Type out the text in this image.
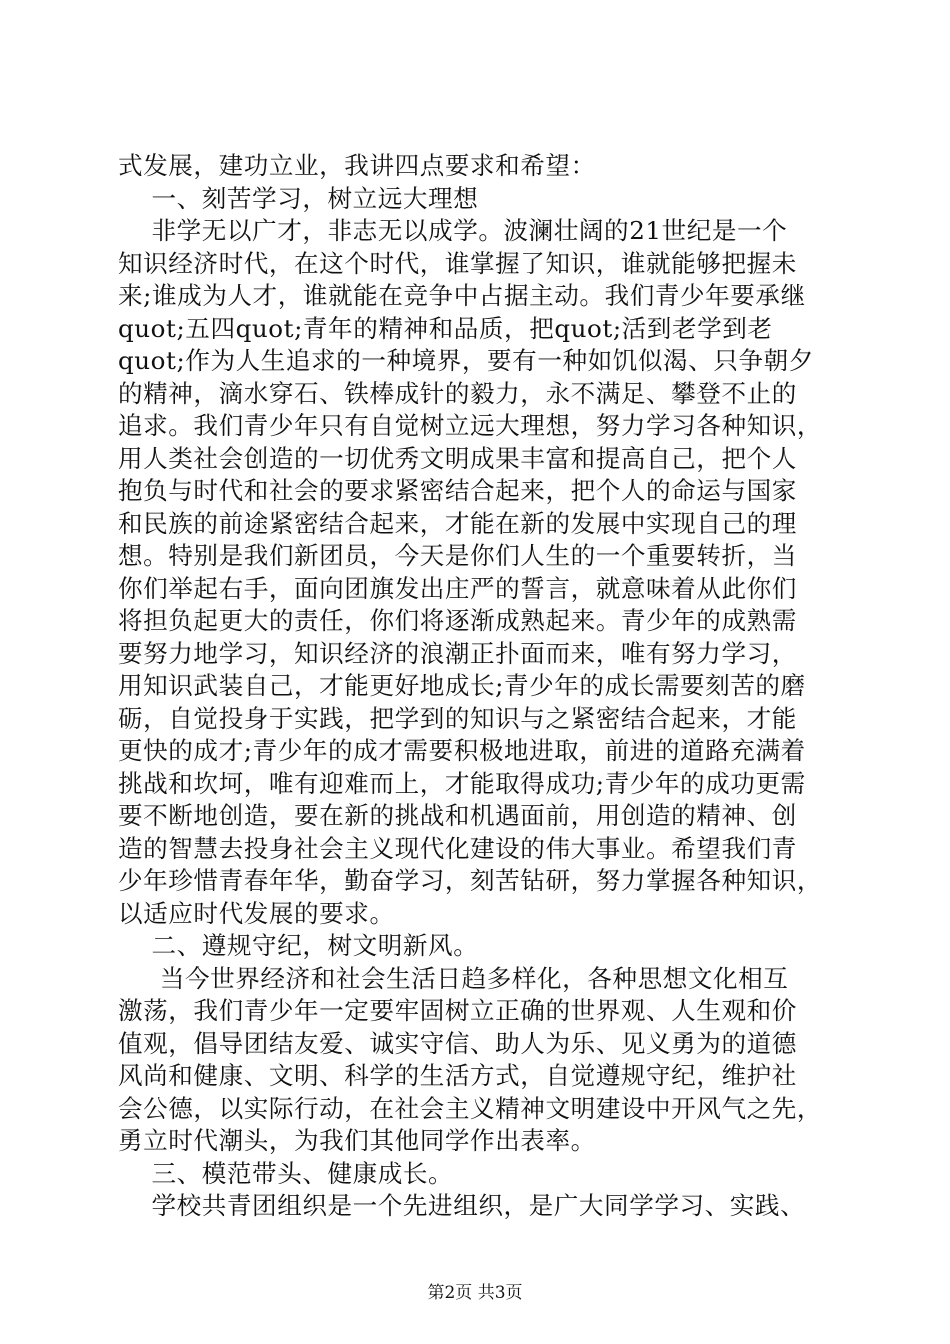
式发展，建功立业，我讲四点要求和希望：
一、刻苦学习，树立远大理想
非学无以广才，非志无以成学。波澜壮阔的21世纪是一个
知识经济时代，在这个时代，谁掌握了知识，谁就能够把握未
来;谁成为人才，谁就能在竞争中占据主动。我们青少年要承继
quot;五四quot;青年的精神和品质，把quot;活到老学到老
quot;作为人生追求的一种境界，要有一种如饥似渴、只争朝夕
的精神，滴水穿石、铁棒成针的毅力，永不满足、攀登不止的
追求。我们青少年只有自觉树立远大理想，努力学习各种知识，
用人类社会创造的一切优秀文明成果丰富和提高自己，把个人
抱负与时代和社会的要求紧密结合起来，把个人的命运与国家
和民族的前途紧密结合起来，才能在新的发展中实现自己的理
想。特别是我们新团员，今天是你们人生的一个重要转折，当
你们举起右手，面向团旗发出庄严的誓言，就意味着从此你们
将担负起更大的责任，你们将逐渐成熟起来。青少年的成熟需
要努力地学习，知识经济的浪潮正扑面而来，唯有努力学习，
用知识武装自己，才能更好地成长;青少年的成长需要刻苦的磨
砺，自觉投身于实践，把学到的知识与之紧密结合起来，才能
更快的成才;青少年的成才需要积极地进取，前进的道路充满着
挑战和坎坷，唯有迎难而上，才能取得成功;青少年的成功更需
要不断地创造，要在新的挑战和机遇面前，用创造的精神、创
造的智慧去投身社会主义现代化建设的伟大事业。希望我们青
少年珍惜青春年华，勤奋学习，刻苦钻研，努力掌握各种知识，
以适应时代发展的要求。
二、遵规守纪，树文明新风。
当今世界经济和社会生活日趋多样化，各种思想文化相互
激荡，我们青少年一定要牢固树立正确的世界观、人生观和价
值观，倡导团结友爱、诚实守信、助人为乐、见义勇为的道德
风尚和健康、文明、科学的生活方式，自觉遵规守纪，维护社
会公德，以实际行动，在社会主义精神文明建设中开风气之先，
勇立时代潮头，为我们其他同学作出表率。
三、模范带头、健康成长。
学校共青团组织是一个先进组织，是广大同学学习、实践、
第2页 共3页
